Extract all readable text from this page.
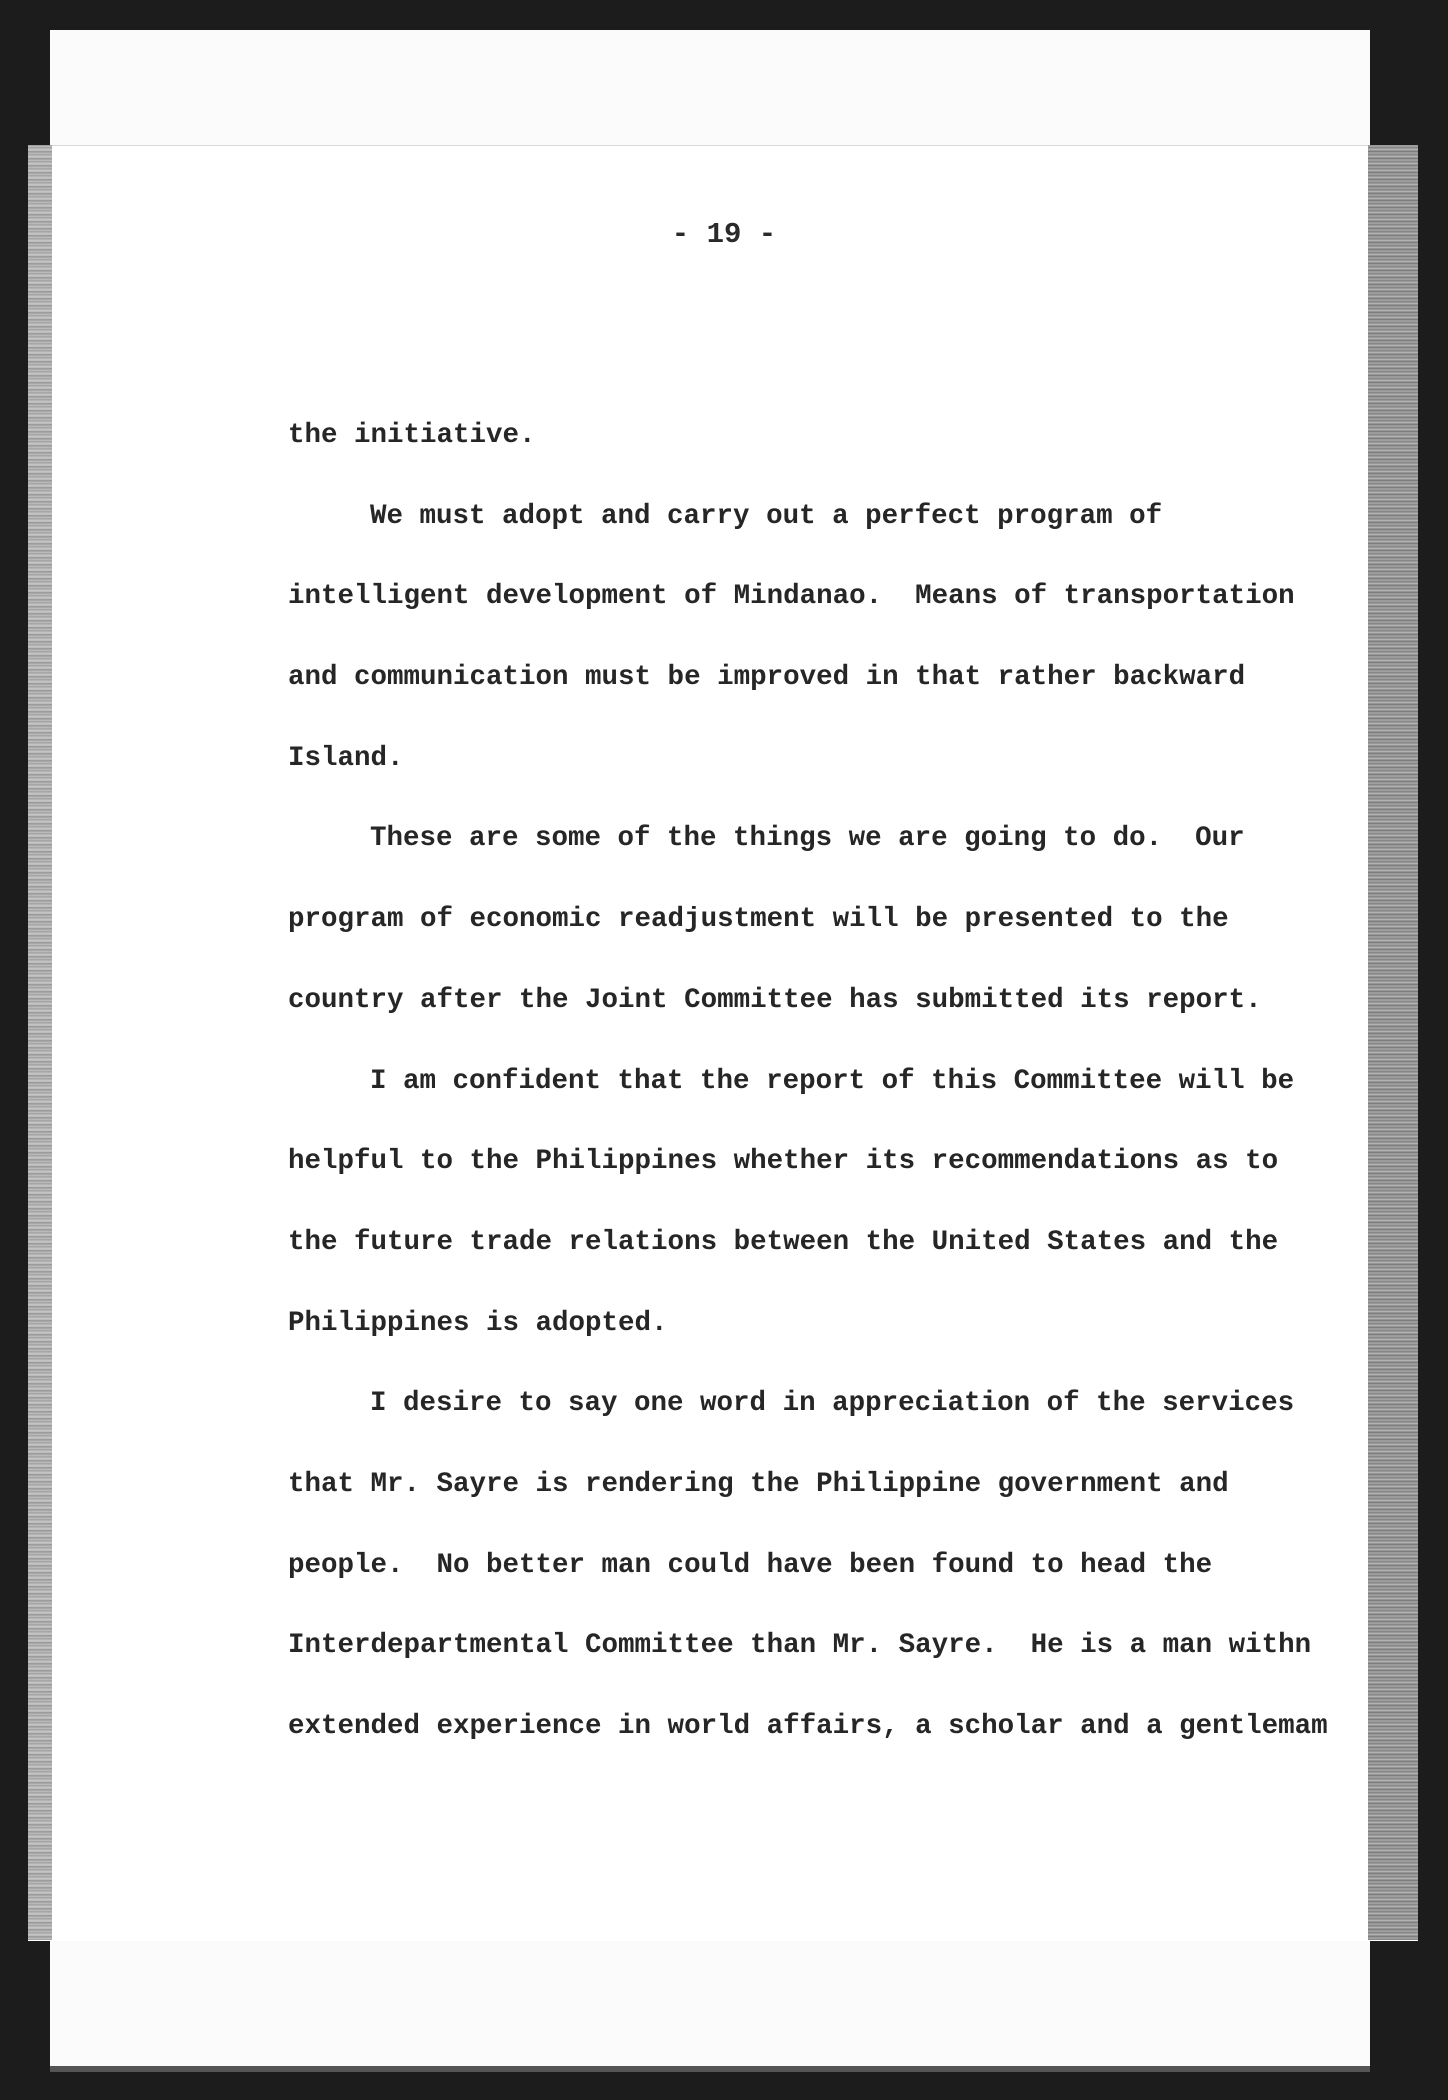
- 19 -
the initiative.
We must adopt and carry out a perfect program of
intelligent development of Mindanao.  Means of transportation
and communication must be improved in that rather backward
Island.
These are some of the things we are going to do.  Our
program of economic readjustment will be presented to the
country after the Joint Committee has submitted its report.
I am confident that the report of this Committee will be
helpful to the Philippines whether its recommendations as to
the future trade relations between the United States and the
Philippines is adopted.
I desire to say one word in appreciation of the services
that Mr. Sayre is rendering the Philippine government and
people.  No better man could have been found to head the
Interdepartmental Committee than Mr. Sayre.  He is a man withn
extended experience in world affairs, a scholar and a gentlemam
